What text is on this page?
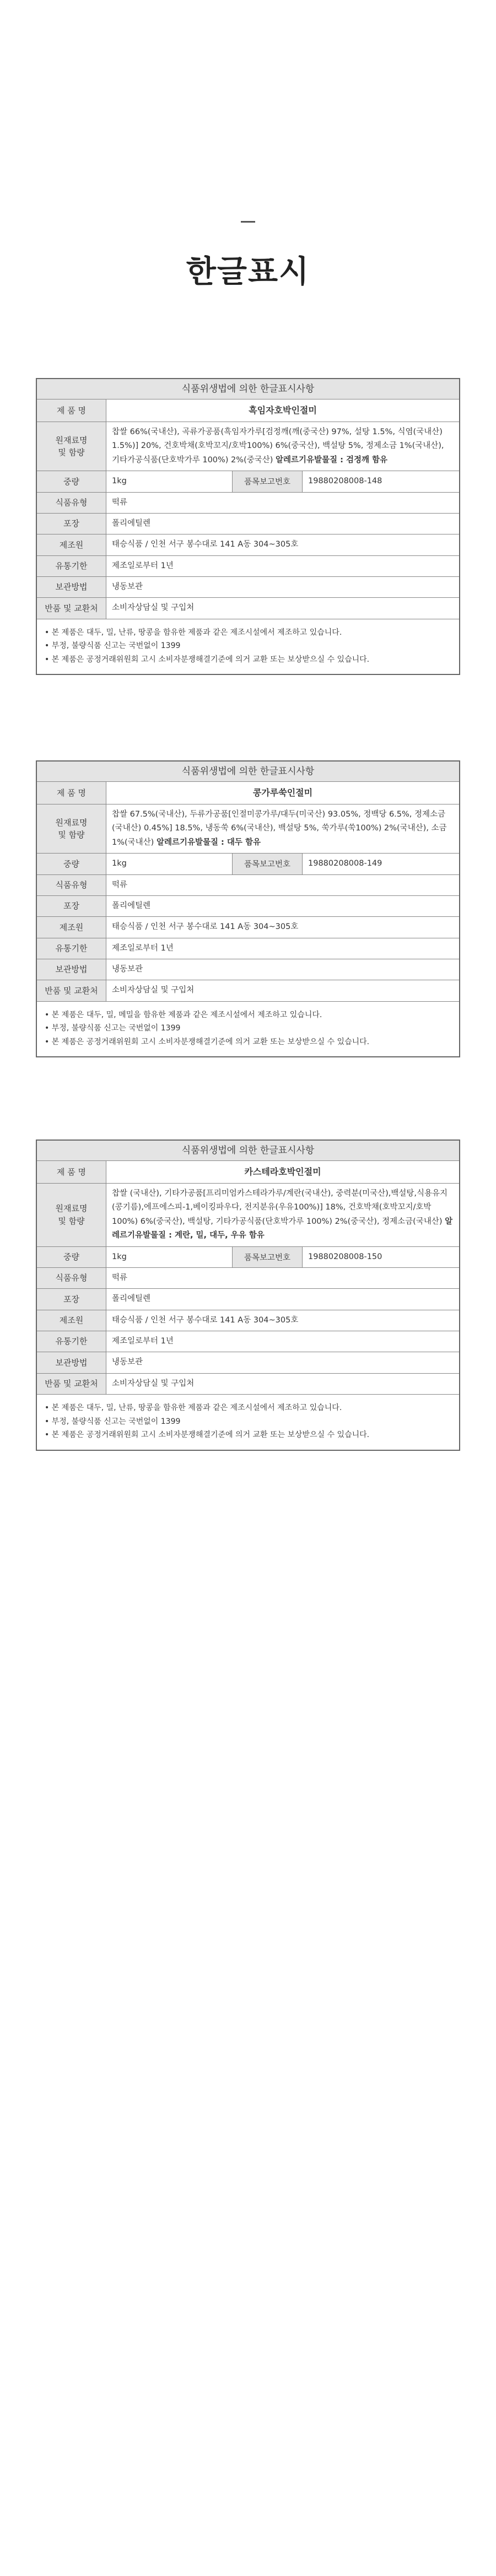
한글표시
식품위생법에 의한 한글표시사항
제 품 명	흑임자호박인절미
원재료명
및 함량
찹쌀 66%(국내산), 곡류가공품(흑임자가루[검정깨(깨(중국산) 97%, 설탕 1.5%, 식염(국내산) 1.5%)] 20%, 건호박채(호박꼬지/호박100%) 6%(중국산), 백설탕 5%, 정제소금 1%(국내산), 기타가공식품(단호박가루 100%) 2%(중국산) 알레르기유발물질 : 검정깨 함유
중량	1kg	품목보고번호	19880208008-148
식품유형	떡류
포장	폴리에틸렌
제조원	태승식품 / 인천 서구 봉수대로 141 A동 304~305호
유통기한	제조일로부터 1년
보관방법	냉동보관
반품 및 교환처	소비자상담실 및 구입처
• 본 제품은 대두, 밀, 난류, 땅콩을 함유한 제품과 같은 제조시설에서 제조하고 있습니다.
• 부정, 불량식품 신고는 국번없이 1399
• 본 제품은 공정거래위원회 고시 소비자분쟁해결기준에 의거 교환 또는 보상받으실 수 있습니다.
식품위생법에 의한 한글표시사항
제 품 명	콩가루쑥인절미
원재료명
및 함량
찹쌀 67.5%(국내산), 두류가공품[인절미콩가루/대두(미국산) 93.05%, 정백당 6.5%, 정제소금(국내산) 0.45%] 18.5%, 냉동쑥 6%(국내산), 백설탕 5%, 쑥가루(쑥100%) 2%(국내산), 소금 1%(국내산) 알레르기유발물질 : 대두 함유
중량	1kg	품목보고번호	19880208008-149
식품유형	떡류
포장	폴리에틸렌
제조원	태승식품 / 인천 서구 봉수대로 141 A동 304~305호
유통기한	제조일로부터 1년
보관방법	냉동보관
반품 및 교환처	소비자상담실 및 구입처
• 본 제품은 대두, 밀, 메밀을 함유한 제품과 같은 제조시설에서 제조하고 있습니다.
• 부정, 불량식품 신고는 국번없이 1399
• 본 제품은 공정거래위원회 고시 소비자분쟁해결기준에 의거 교환 또는 보상받으실 수 있습니다.
식품위생법에 의한 한글표시사항
제 품 명	카스테라호박인절미
원재료명
및 함량
찹쌀 (국내산), 기타가공품[프리미엄카스테라가루/계란(국내산), 중력분(미국산),백설탕,식용유지(콩기름),에프에스피-1,베이킹파우다, 전지분유(우유100%)] 18%, 건호박채(호박꼬지/호박100%) 6%(중국산), 백설탕, 기타가공식품(단호박가루 100%) 2%(중국산), 정제소금(국내산) 알레르기유발물질 : 계란, 밀, 대두, 우유 함유
중량	1kg	품목보고번호	19880208008-150
식품유형	떡류
포장	폴리에틸렌
제조원	태승식품 / 인천 서구 봉수대로 141 A동 304~305호
유통기한	제조일로부터 1년
보관방법	냉동보관
반품 및 교환처	소비자상담실 및 구입처
• 본 제품은 대두, 밀, 난류, 땅콩을 함유한 제품과 같은 제조시설에서 제조하고 있습니다.
• 부정, 불량식품 신고는 국번없이 1399
• 본 제품은 공정거래위원회 고시 소비자분쟁해결기준에 의거 교환 또는 보상받으실 수 있습니다.
